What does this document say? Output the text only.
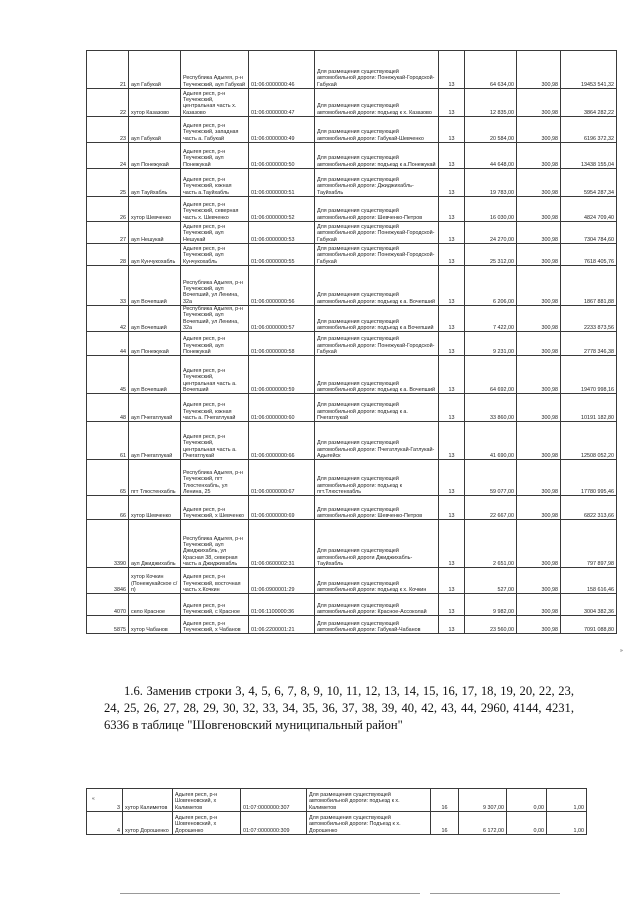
21	аул Габукай	Республика Адыгея, р-н Теучежский, аул Габукай	01:06:0000000:46	Для размещения существующей автомобильной дороги: Понежукай-Городской-Габукай	13	64 634,00	300,98	19453 541,32
22	хутор Казазово	Адыгея респ, р-н Теучежский, центральная часть х. Казазово	01:06:0000000:47	Для размещения существующей автомобильной дороги: подъезд к х. Казазово	13	12 835,00	300,98	3864 282,22
23	аул Габукай	Адыгея респ, р-н Теучежский, западная часть а. Габукай	01:06:0000000:49	Для размещения существующей автомобильной дороги: Габукай-Шевченко	13	20 584,00	300,98	6196 372,32
24	аул Понежукай	Адыгея респ, р-н Теучежский, аул Понежукай	01:06:0000000:50	Для размещения существующей автомобильной дороги: подъезд к а.Понежукай	13	44 648,00	300,98	13438 155,04
25	аул Тауйхабль	Адыгея респ, р-н Теучежский, южная часть а.Тауйхабль	01:06:0000000:51	Для размещения существующей автомобильной дороги: Джиджихабль-Тауйхабль	13	19 783,00	300,98	5954 287,34
26	хутор Шевченко	Адыгея респ, р-н Теучежский, северная часть х. Шевченко	01:06:0000000:52	Для размещения существующей автомобильной дороги: Шевченко-Петров	13	16 030,00	300,98	4824 709,40
27	аул Нешукай	Адыгея респ, р-н Теучежский, аул Нешукай	01:06:0000000:53	Для размещения существующей автомобильной дороги: Понежукай-Городской-Габукай	13	24 270,00	300,98	7304 784,60
28	аул Кунчукохабль	Адыгея респ, р-н Теучежский, аул Кунчукохабль	01:06:0000000:55	Для размещения существующей автомобильной дороги: Понежукай-Городской-Габукай	13	25 312,00	300,98	7618 405,76
33	аул Вочепший	Республика Адыгея, р-н Теучежский, аул Вочепший, ул Ленина, 32а	01:06:0000000:56	Для размещения существующей автомобильной дороги: подъезд к а. Вочепший	13	6 206,00	300,98	1867 881,88
42	аул Вочепший	Республика Адыгея, р-н Теучежский, аул Вочепший, ул Ленина, 32а	01:06:0000000:57	Для размещения существующей автомобильной дороги: подъезд к а Вочепший	13	7 422,00	300,98	2233 873,56
44	аул Понежукай	Адыгея респ, р-н Теучежский, аул Понежукай	01:06:0000000:58	Для размещения существующей автомобильной дороги: Понежукай-Городской-Габукай	13	9 231,00	300,98	2778 346,38
45	аул Вочепший	Адыгея респ, р-н Теучежский, центральная часть а. Вочепший	01:06:0000000:59	Для размещения существующей автомобильной дороги: подъезд к а. Вочепший	13	64 692,00	300,98	19470 998,16
48	аул Пчегатлукай	Адыгея респ, р-н Теучежский, южная часть а. Пчегатлукай	01:06:0000000:60	Для размещения существующей автомобильной дороги: подъезд к а. Пчегатлукай	13	33 860,00	300,98	10191 182,80
61	аул Пчегатлукай	Адыгея респ, р-н Теучежский, центральная часть а. Пчегатлукай	01:06:0000000:66	Для размещения существующей автомобильной дороги: Пчегатлукай-Гатлукай-Адыгейск	13	41 690,00	300,98	12508 052,20
65	пгт Тлюстенхабль	Республика Адыгея, р-н Теучежский, пгт Тлюстенхабль, ул Ленина, 25	01:06:0000000:67	Для размещения существующей автомобильной дороги: подъезд к пгт.Тлюстенхабль	13	59 077,00	300,98	17780 995,46
66	хутор Шевченко	Адыгея респ, р-н Теучежский, х Шевченко	01:06:0000000:69	Для размещения существующей автомобильной дороги: Шевченко-Петров	13	22 667,00	300,98	6822 313,66
3390	аул Джиджихабль	Республика Адыгея, р-н Теучежский, аул Джиджихабль, ул Красная 38, северная часть а Джиджихабль	01:06:0600002:31	Для размещения существующей автомобильной дороги Джиджихабль-Тауйхабль	13	2 651,00	300,98	797 897,98
3846	хутор Кочкин (Понежукайское с/п)	Адыгея респ, р-н Теучежский, восточная часть х.Кочкин	01:06:0900001:29	Для размещения существующей автомобильной дороги: подъезд к х. Кочкин	13	527,00	300,98	158 616,46
4070	село Красное	Адыгея респ, р-н Теучежский, с Красное	01:06:1100000:36	Для размещения существующей автомобильной дороги: Красное-Ассоколай	13	9 982,00	300,98	3004 382,36
5875	хутор Чабанов	Адыгея респ, р-н Теучежский, х Чабанов	01:06:2200001:21	Для размещения существующей автомобильной дороги: Габукай-Чабанов	13	23 560,00	300,98	7091 088,80
»

1.6. Заменив строки 3, 4, 5, 6, 7, 8, 9, 10, 11, 12, 13, 14, 15, 16, 17, 18, 19, 20, 22, 23, 24, 25, 26, 27, 28, 29, 30, 32, 33, 34, 35, 36, 37, 38, 39, 40, 42, 43, 44, 2960, 4144, 4231, 6336 в таблице "Шовгеновский муниципальный район"

«
3	хутор Калиметов	Адыгея респ, р-н Шовгеновский, х Калиметов	01:07:0000000:307	Для размещения существующей автомобильной дороги: подъезд к х. Калиметов	16	9 307,00	0,00	1,00
4	хутор Дорошенко	Адыгея респ, р-н Шовгеновский, х Дорошенко	01:07:0000000:309	Для размещения существующей автомобильной дороги: Подъезд к х. Дорошенко	16	6 172,00	0,00	1,00
